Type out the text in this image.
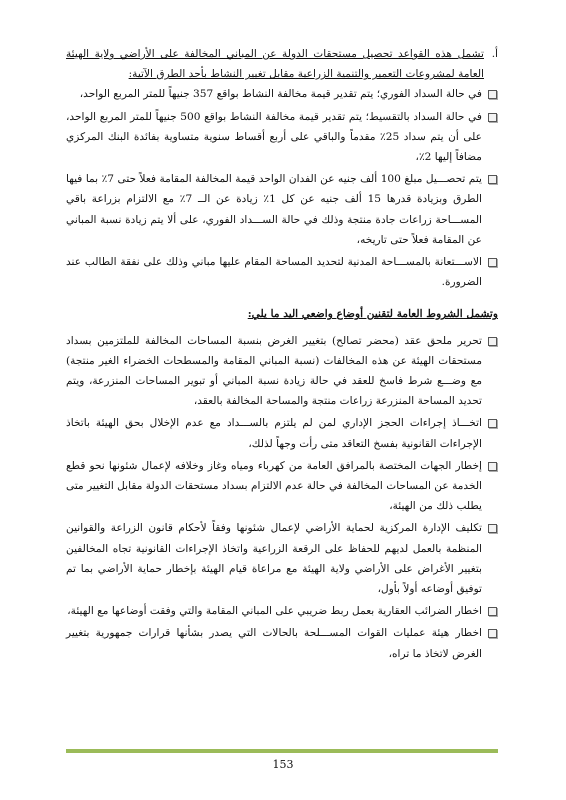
أ.
تشمل هذه القواعد تحصيل مستحقات الدولة عن المباني المخالفة على الأراضي ولاية الهيئة العامة لمشروعات التعمير والتنمية الزراعية مقابل تغيير النشاط بأحد الطرق الآتية:
في حالة السداد الفوري؛ يتم تقدير قيمة مخالفة النشاط بواقع 357 جنيهاً للمتر المربع الواحد،
في حالة السداد بالتقسيط؛ يتم تقدير قيمة مخالفة النشاط بواقع 500 جنيهاً للمتر المربع الواحد، على أن يتم سداد 25٪ مقدماً والباقي على أربع أقساط سنوية متساوية بفائدة البنك المركزي مضافاً إليها 2٪،
يتم تحصـــيل مبلغ 100 ألف جنيه عن الفدان الواحد قيمة المخالفة المقامة فعلاً حتى 7٪ بما فيها الطرق وبزيادة قدرها 15 ألف جنيه عن كل 1٪ زيادة عن الــ 7٪ مع الالتزام بزراعة باقي المســـاحة زراعات جادة منتجة وذلك في حالة الســـداد الفوري، على ألا يتم زيادة نسبة المباني عن المقامة فعلاً حتى تاريخه،
الاســـتعانة بالمســـاحة المدنية لتحديد المساحة المقام عليها مباني وذلك على نفقة الطالب عند الضرورة.
وتشمل الشروط العامة لتقنين أوضاع واضعي اليد ما يلي:
تحرير ملحق عقد (محضر تصالح) بتغيير الغرض بنسبة المساحات المخالفة للملتزمين بسداد مستحقات الهيئة عن هذه المخالفات (نسبة المباني المقامة والمسطحات الخضراء الغير منتجة) مع وضـــع شرط فاسخ للعقد في حالة زيادة نسبة المباني أو تبوير المساحات المنزرعة، ويتم تحديد المساحة المنزرعة زراعات منتجة والمساحة المخالفة بالعقد،
اتخـــاذ إجراءات الحجز الإداري لمن لم يلتزم بالســـداد مع عدم الإخلال بحق الهيئة باتخاذ الإجراءات القانونية بفسخ التعاقد متى رأت وجهاً لذلك،
إخطار الجهات المختصة بالمرافق العامة من كهرباء ومياه وغاز وخلافه لإعمال شئونها نحو قطع الخدمة عن المساحات المخالفة في حالة عدم الالتزام بسداد مستحقات الدولة مقابل التغيير متى يطلب ذلك من الهيئة،
تكليف الإدارة المركزية لحماية الأراضي لإعمال شئونها وفقاً لأحكام قانون الزراعة والقوانين المنظمة بالعمل لديهم للحفاظ على الرقعة الزراعية واتخاذ الإجراءات القانونية تجاه المخالفين بتغيير الأغراض على الأراضي ولاية الهيئة مع مراعاة قيام الهيئة بإخطار حماية الأراضي بما تم توفيق أوضاعه أولاً بأول،
اخطار الضرائب العقارية بعمل ربط ضريبي على المباني المقامة والتي وفقت أوضاعها مع الهيئة،
اخطار هيئة عمليات القوات المســـلحة بالحالات التي يصدر بشأنها قرارات جمهورية بتغيير الغرض لاتخاذ ما تراه،
153
